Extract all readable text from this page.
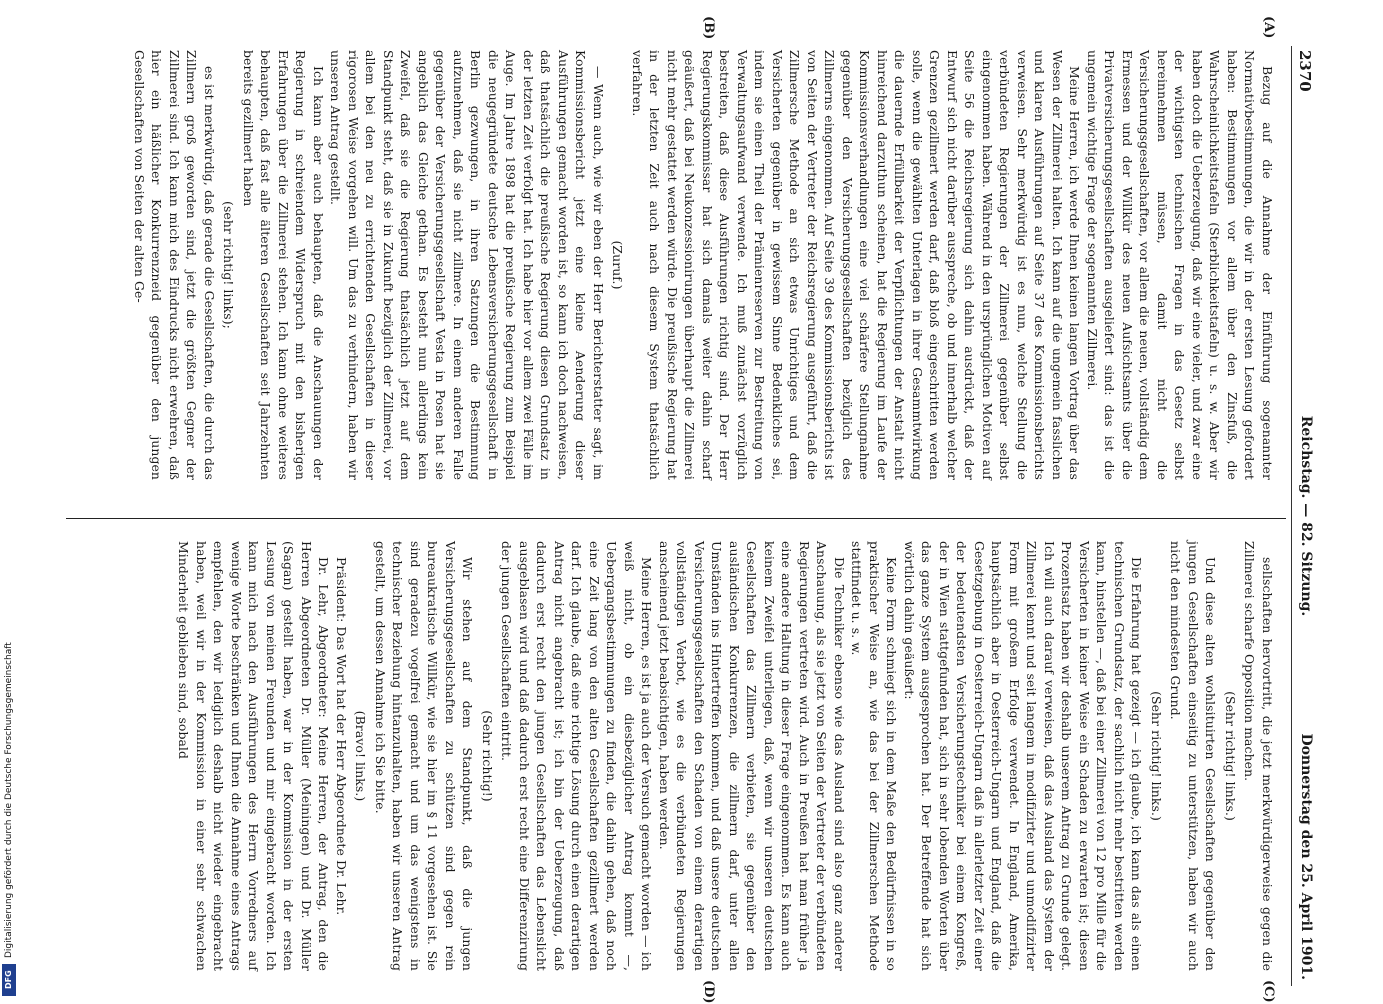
2370
Reichstag. — 82. Sitzung.
Donnerstag den 25. April 1901.
(A)
(B)
(C)
(D)

Bezug auf die Annahme der Einführung sogenannter Normativbestimmungen, die wir in der ersten Lesung gefordert haben: Bestimmungen vor allem über den Zinsfuß, die Wahrscheinlichkeitstafeln (Sterblichkeitstafeln) u. s. w. Aber wir haben doch die Ueberzeugung, daß wir eine vieler, und zwar eine der wichtigsten technischen Fragen in das Gesetz selbst hereinnehmen müssen, damit nicht die Versicherungsgesellschaften, vor allem die neuen, vollständig dem Ermessen und der Willkür des neuen Aufsichtsamts über die Privatversicherungsgesellschaften ausgeliefert sind: das ist die ungemein wichtige Frage der sogenannten Zillmerei.

Meine Herren, ich werde Ihnen keinen langen Vortrag über das Wesen der Zillmerei halten. Ich kann auf die ungemein fasslichen und klaren Ausführungen auf Seite 37 des Kommissionsberichts verweisen. Sehr merkwürdig ist es nun, welche Stellung die verbündeten Regierungen der Zillmerei gegenüber selbst eingenommen haben. Während in den ursprünglichen Motiven auf Seite 56 die Reichsregierung sich dahin ausdrückt, daß der Entwurf sich nicht darüber ausspreche, ob und innerhalb welcher Grenzen gezillmert werden darf, daß bloß eingeschritten werden solle, wenn die gewählten Unterlagen in ihrer Gesammtwirkung die dauernde Erfüllbarkeit der Verpflichtungen der Anstalt nicht hinreichend darzuthun scheinen, hat die Regierung im Laufe der Kommissionsverhandlungen eine viel schärfere Stellungnahme gegenüber den Versicherungsgesellschaften bezüglich des Zillmerns eingenommen. Auf Seite 39 des Kommissionsberichts ist von Seiten der Vertreter der Reichsregierung ausgeführt, daß die Zillmersche Methode an sich etwas Unrichtiges und dem Versicherten gegenüber in gewissem Sinne Bedenkliches sei, indem sie einen Theil der Prämienreserven zur Bestreitung von Verwaltungsaufwand verwende. Ich muß zunächst vorzüglich bestreiten, daß diese Ausführungen richtig sind. Der Herr Regierungskommissar hat sich damals weiter dahin scharf geäußert, daß bei Neukonzessionirungen überhaupt die Zillmerei nicht mehr gestattet werden würde. Die preußische Regierung hat in der letzten Zeit auch nach diesem System thatsächlich verfahren.

(Zuruf.)

— Wenn auch, wie wir eben der Herr Berichterstatter sagt, im Kommissionsbericht jetzt eine kleine Aenderung dieser Ausführungen gemacht worden ist, so kann ich doch nachweisen, daß thatsächlich die preußische Regierung diesen Grundsatz in der letzten Zeit verfolgt hat. Ich habe hier vor allem zwei Fälle im Auge. Im Jahre 1898 hat die preußische Regierung zum Beispiel die neugegründete deutsche Lebensversicherungsgesellschaft in Berlin gezwungen, in ihren Satzungen die Bestimmung aufzunehmen, daß sie nicht zillmere. In einem anderen Falle gegenüber der Versicherungsgesellschaft Vesta in Posen hat sie angeblich das Gleiche gethan. Es besteht nun allerdings kein Zweifel, daß sie die Regierung thatsächlich jetzt auf dem Standpunkt steht, daß sie in Zukunft bezüglich der Zillmerei, vor allem bei den neu zu errichtenden Gesellschaften in dieser rigorosen Weise vorgehen will. Um das zu verhindern, haben wir unseren Antrag gestellt.

Ich kann aber auch behaupten, daß die Anschauungen der Regierung in schreiendem Widerspruch mit den bisherigen Erfahrungen über die Zillmerei stehen. Ich kann ohne weiteres behaupten, daß fast alle älteren Gesellschaften seit Jahrzehnten bereits gezillmert haben

(sehr richtig! links);

es ist merkwürdig, daß gerade die Gesellschaften, die durch das Zillmern groß geworden sind, jetzt die größten Gegner der Zillmerei sind. Ich kann mich des Eindrucks nicht erwehren, daß hier ein häßlicher Konkurrenzneid gegenüber den jungen Gesellschaften von Seiten der alten Ge-

sellschaften hervortritt, die jetzt merkwürdigerweise gegen die Zillmerei scharfe Opposition machen.

(Sehr richtig! links.)

Und diese alten wohlsituirten Gesellschaften gegenüber den jungen Gesellschaften einseitig zu unterstützen, haben wir auch nicht den mindesten Grund.

(Sehr richtig! links.)

Die Erfahrung hat gezeigt — ich glaube, ich kann das als einen technischen Grundsatz, der sachlich nicht mehr bestritten werden kann, hinstellen —, daß bei einer Zillmerei von 12 pro Mille für die Versicherten in keiner Weise ein Schaden zu erwarten ist; diesen Prozentsatz haben wir deshalb unserem Antrag zu Grunde gelegt. Ich will auch darauf verweisen, daß das Ausland das System der Zillmerei kennt und seit langem in modifizirter und unmodifizirter Form mit großem Erfolge verwendet. In England, Amerika, hauptsächlich aber in Oesterreich-Ungarn und England, daß die Gesetzgebung in Oesterreich-Ungarn daß in allerletzter Zeit einer der bedeutendsten Versicherungstechniker bei einem Kongreß, der in Wien stattgefunden hat, sich in sehr lobenden Worten über das ganze System ausgesprochen hat. Der Betreffende hat sich wörtlich dahin geäußert:

Keine Form schmiegt sich in dem Maße den Bedürfnissen in so praktischer Weise an, wie das bei der Zillmerschen Methode stattfindet u. s. w.

Die Techniker ebenso wie das Ausland sind also ganz anderer Anschauung, als sie jetzt von Seiten der Vertreter der verbündeten Regierungen vertreten wird. Auch in Preußen hat man früher ja eine andere Haltung in dieser Frage eingenommen. Es kann auch keinem Zweifel unterliegen, daß, wenn wir unseren deutschen Gesellschaften das Zillmern verbieten, sie gegenüber den ausländischen Konkurrenzen, die zillmern darf, unter allen Umständen ins Hintertreffen kommen, und daß unsere deutschen Versicherungsgesellschaften den Schaden von einem derartigen vollständigen Verbot, wie es die verbündeten Regierungen anscheinend jetzt beabsichtigen, haben werden.

Meine Herren, es ist ja auch der Versuch gemacht worden — ich weiß nicht, ob ein diesbezüglicher Antrag kommt —, Uebergangsbestimmungen zu finden, die dahin gehen, daß noch eine Zeit lang von den alten Gesellschaften gezillmert werden darf. Ich glaube, daß eine richtige Lösung durch einen derartigen Antrag nicht angebracht ist; ich bin der Ueberzeugung, daß dadurch erst recht den jungen Gesellschaften das Lebenslicht ausgeblasen wird und daß dadurch erst recht eine Differenzirung der jungen Gesellschaften eintritt.

(Sehr richtig!)

Wir stehen auf dem Standpunkt, daß die jungen Versicherungsgesellschaften zu schützen sind gegen rein bureaukratische Willkür, wie sie hier im § 11 vorgesehen ist. Sie sind geradezu vogelfrei gemacht und um das wenigstens in technischer Beziehung hintanzuhalten, haben wir unseren Antrag gestellt, um dessen Annahme ich Sie bitte.

(Bravo! links.)

Präsident: Das Wort hat der Herr Abgeordnete Dr. Lehr.

Dr. Lehr, Abgeordneter: Meine Herren, der Antrag, den die Herren Abgeordneten Dr. Müller (Meiningen) und Dr. Müller (Sagan) gestellt haben, war in der Kommission in der ersten Lesung von meinen Freunden und mir eingebracht worden. Ich kann mich nach den Ausführungen des Herrn Vorredners auf wenige Worte beschränken und Ihnen die Annahme eines Antrags empfehlen, den wir lediglich deshalb nicht wieder eingebracht haben, weil wir in der Kommission in einer sehr schwachen Minderheit geblieben sind, sobald

Digitalisierung gefördert durch die Deutsche Forschungsgemeinschaft
DFG
